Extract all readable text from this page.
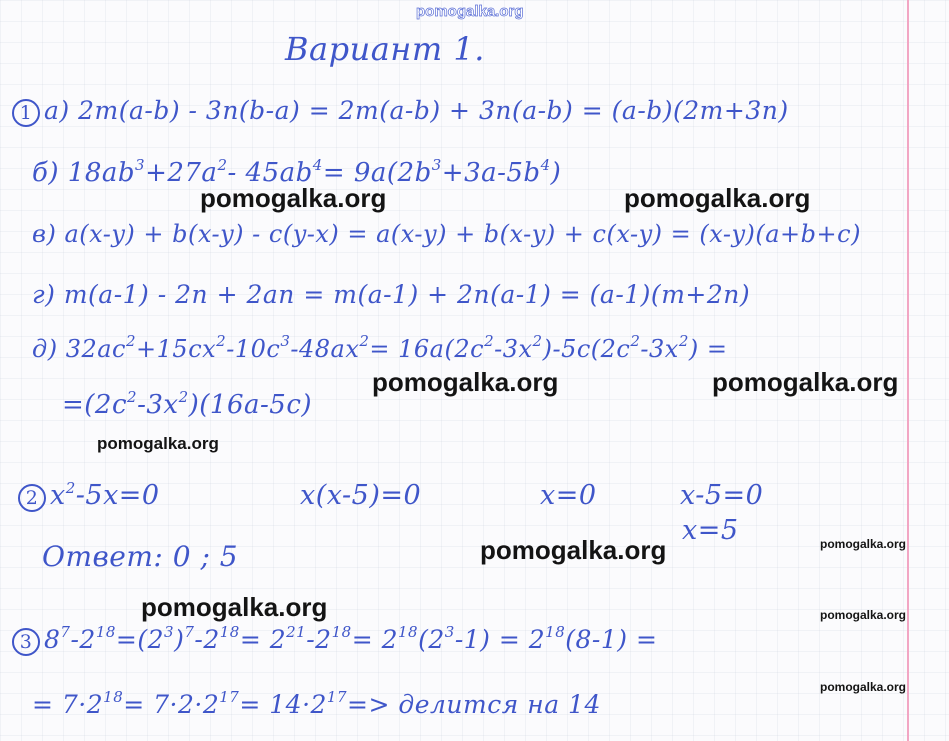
pomogalka.org
Вариант 1.
1 а) 2m(a-b) - 3n(b-a) = 2m(a-b) + 3n(a-b) = (a-b)(2m+3n)
б) $18ab^3+27a^2-$ $45ab^4= 9a(2b^3+3a-5b^4)$
в) a(x-y) + b(x-y) - c(y-x) = a(x-y) + b(x-y) + c(x-y) = (x-y)(a+b+c)
г) m(a-1) - 2n + 2an = m(a-1) + 2n(a-1) = (a-1)(m+2n)
д) $32ac^2+15cx^2-10c^3-48ax^2= 16a(2c^2-3x^2)-5c(2c^2-3x^2)$ =
$=(2c^2-3x^2)(16a-5c)$
2 $x^2-5x=0$	x(x-5)=0	x=0	x-5=0
x=5
Ответ: 0 ; 5
3 $8^7-2^{18}=(2^3)^7-2^{18}= 2^{21}-2^{18}= 2^{18}(2^3-1) = 2^{18}(8-1)$ =
= $7\cdot 2^{18}= 7\cdot 2\cdot 2^{17}= 14\cdot 2^{17}=>$ делится на 14
pomogalka.org	pomogalka.org
pomogalka.org	pomogalka.org
pomogalka.org
pomogalka.org	pomogalka.org
pomogalka.org	pomogalka.org
pomogalka.org
